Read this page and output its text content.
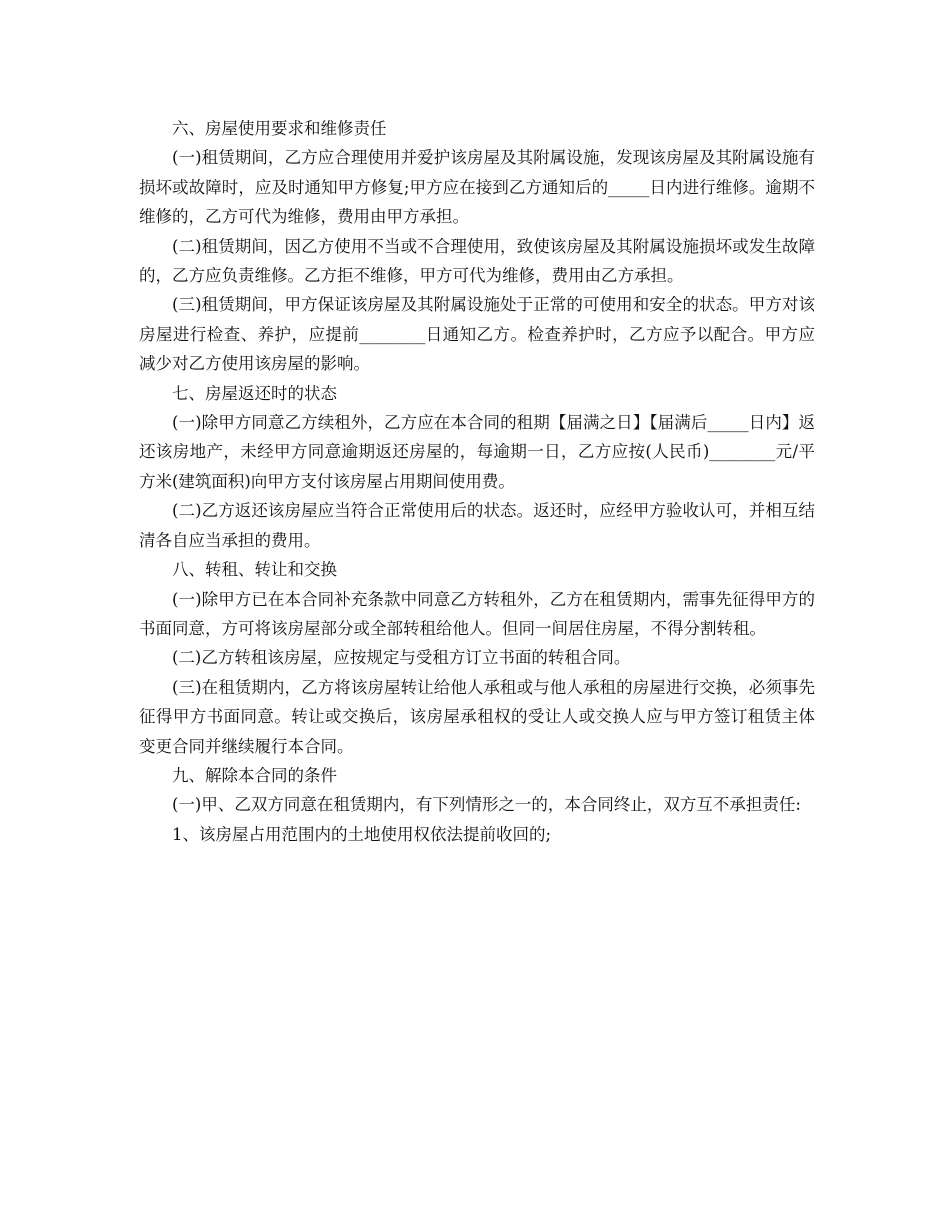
六、房屋使用要求和维修责任

(一)租赁期间，乙方应合理使用并爱护该房屋及其附属设施，发现该房屋及其附属设施有损坏或故障时，应及时通知甲方修复;甲方应在接到乙方通知后的_____日内进行维修。逾期不维修的，乙方可代为维修，费用由甲方承担。

(二)租赁期间，因乙方使用不当或不合理使用，致使该房屋及其附属设施损坏或发生故障的，乙方应负责维修。乙方拒不维修，甲方可代为维修，费用由乙方承担。

(三)租赁期间，甲方保证该房屋及其附属设施处于正常的可使用和安全的状态。甲方对该房屋进行检查、养护，应提前________日通知乙方。检查养护时，乙方应予以配合。甲方应减少对乙方使用该房屋的影响。

七、房屋返还时的状态

(一)除甲方同意乙方续租外，乙方应在本合同的租期【届满之日】【届满后_____日内】返还该房地产，未经甲方同意逾期返还房屋的，每逾期一日，乙方应按(人民币)________元/平方米(建筑面积)向甲方支付该房屋占用期间使用费。

(二)乙方返还该房屋应当符合正常使用后的状态。返还时，应经甲方验收认可，并相互结清各自应当承担的费用。

八、转租、转让和交换

(一)除甲方已在本合同补充条款中同意乙方转租外，乙方在租赁期内，需事先征得甲方的书面同意，方可将该房屋部分或全部转租给他人。但同一间居住房屋，不得分割转租。

(二)乙方转租该房屋，应按规定与受租方订立书面的转租合同。

(三)在租赁期内，乙方将该房屋转让给他人承租或与他人承租的房屋进行交换，必须事先征得甲方书面同意。转让或交换后，该房屋承租权的受让人或交换人应与甲方签订租赁主体变更合同并继续履行本合同。

九、解除本合同的条件

(一)甲、乙双方同意在租赁期内，有下列情形之一的，本合同终止，双方互不承担责任:

1、该房屋占用范围内的土地使用权依法提前收回的;
